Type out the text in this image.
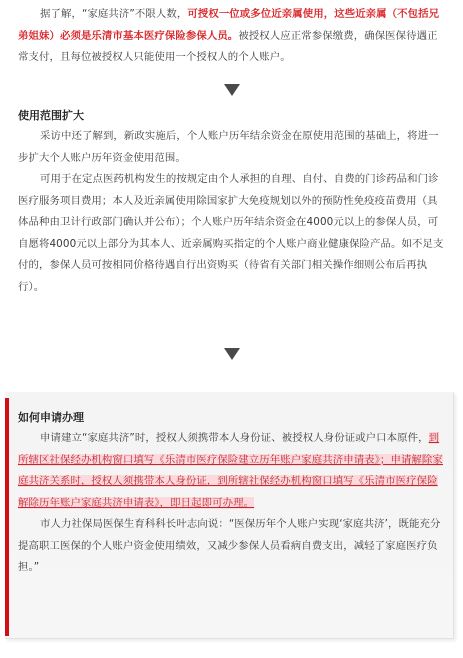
据了解，“家庭共济”不限人数，可授权一位或多位近亲属使用，这些近亲属（不包括兄弟姐妹）必须是乐清市基本医疗保险参保人员。被授权人应正常参保缴费，确保医保待遇正常支付，且每位被授权人只能使用一个授权人的个人账户。

使用范围扩大

采访中还了解到，新政实施后，个人账户历年结余资金在原使用范围的基础上，将进一步扩大个人账户历年资金使用范围。

可用于在定点医药机构发生的按规定由个人承担的自理、自付、自费的门诊药品和门诊医疗服务项目费用；本人及近亲属使用除国家扩大免疫规划以外的预防性免疫疫苗费用（具体品种由卫计行政部门确认并公布）；个人账户历年结余资金在4000元以上的参保人员，可自愿将4000元以上部分为其本人、近亲属购买指定的个人账户商业健康保险产品。如不足支付的，参保人员可按相同价格待遇自行出资购买（待省有关部门相关操作细则公布后再执行）。

如何申请办理

申请建立“家庭共济”时，授权人须携带本人身份证、被授权人身份证或户口本原件，到所辖区社保经办机构窗口填写《乐清市医疗保险建立历年账户家庭共济申请表》；申请解除家庭共济关系时，授权人须携带本人身份证，到所辖社保经办机构窗口填写《乐清市医疗保险解除历年账户家庭共济申请表》，即日起即可办理。

市人力社保局医保生育科科长叶志向说：“医保历年个人账户实现‘家庭共济’，既能充分提高职工医保的个人账户资金使用绩效，又减少参保人员看病自费支出，减轻了家庭医疗负担。”
